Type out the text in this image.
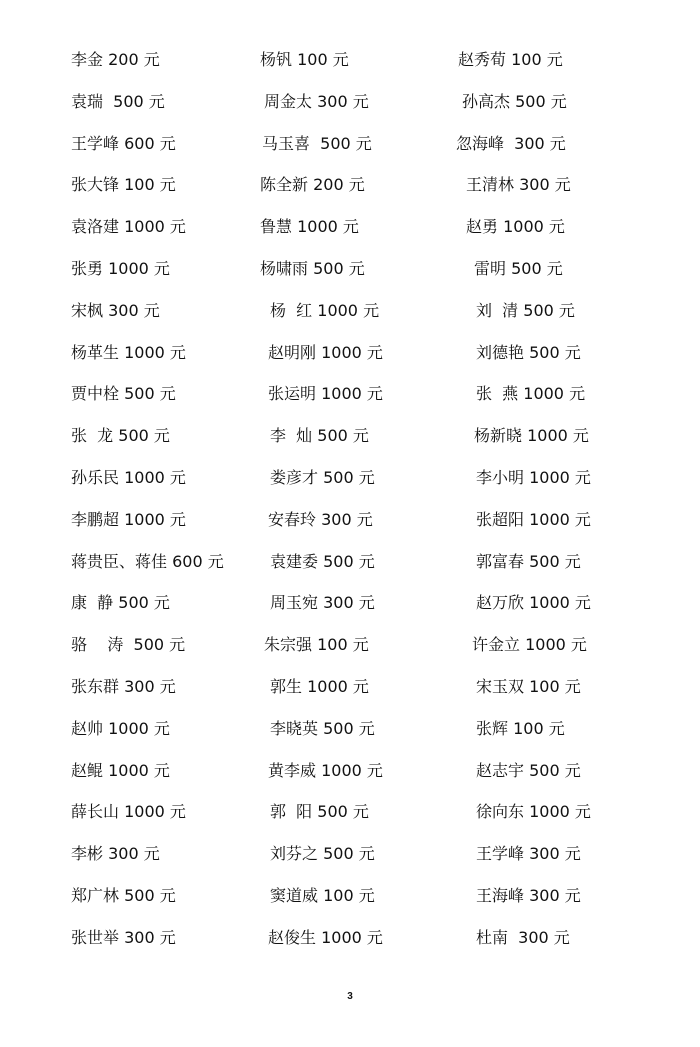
李金 200 元	杨钒 100 元	赵秀荀 100 元
袁瑞  500 元	周金太 300 元	孙高杰 500 元
王学峰 600 元	马玉喜  500 元	忽海峰  300 元
张大锋 100 元	陈全新 200 元	王清林 300 元
袁洛建 1000 元	鲁慧 1000 元	赵勇 1000 元
张勇 1000 元	杨啸雨 500 元	雷明 500 元
宋枫 300 元	杨  红 1000 元	刘  清 500 元
杨革生 1000 元	赵明刚 1000 元	刘德艳 500 元
贾中栓 500 元	张运明 1000 元	张  燕 1000 元
张  龙 500 元	李  灿 500 元	杨新晓 1000 元
孙乐民 1000 元	娄彦才 500 元	李小明 1000 元
李鹏超 1000 元	安春玲 300 元	张超阳 1000 元
蒋贵臣、蒋佳 600 元	袁建委 500 元	郭富春 500 元
康  静 500 元	周玉宛 300 元	赵万欣 1000 元
骆    涛  500 元	朱宗强 100 元	许金立 1000 元
张东群 300 元	郭生 1000 元	宋玉双 100 元
赵帅 1000 元	李晓英 500 元	张辉 100 元
赵鲲 1000 元	黄李威 1000 元	赵志宇 500 元
薛长山 1000 元	郭  阳 500 元	徐向东 1000 元
李彬 300 元	刘芬之 500 元	王学峰 300 元
郑广林 500 元	窦道威 100 元	王海峰 300 元
张世举 300 元	赵俊生 1000 元	杜南  300 元
3
